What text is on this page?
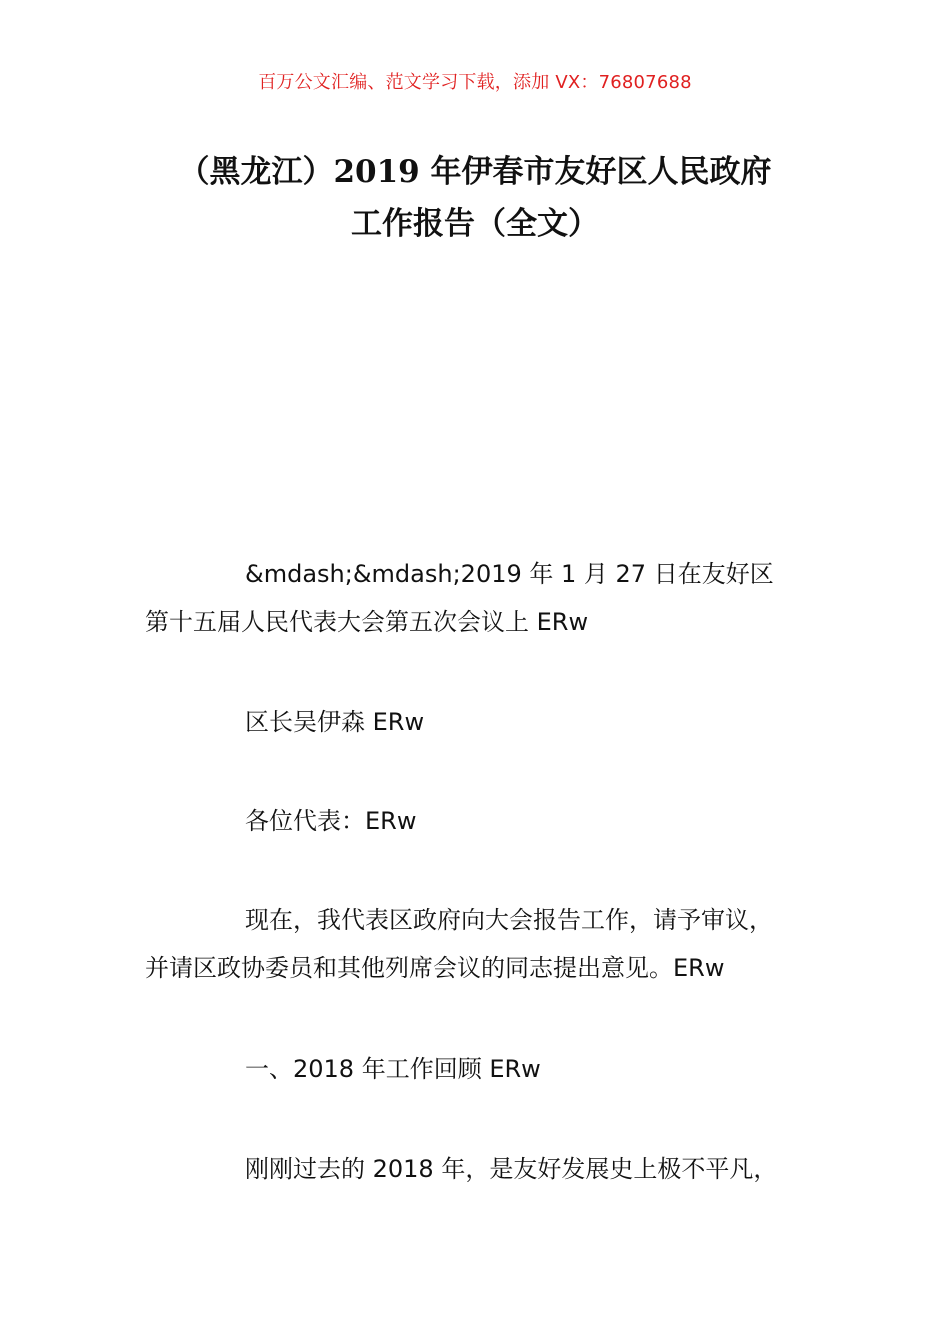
百万公文汇编、范文学习下载，添加 VX：76807688
（黑龙江）2019 年伊春市友好区人民政府
工作报告（全文）
&mdash;&mdash;2019 年 1 月 27 日在友好区
第十五届人民代表大会第五次会议上 ERw
区长吴伊森 ERw
各位代表：ERw
现在，我代表区政府向大会报告工作，请予审议，
并请区政协委员和其他列席会议的同志提出意见。ERw
一、2018 年工作回顾 ERw
刚刚过去的 2018 年，是友好发展史上极不平凡，
